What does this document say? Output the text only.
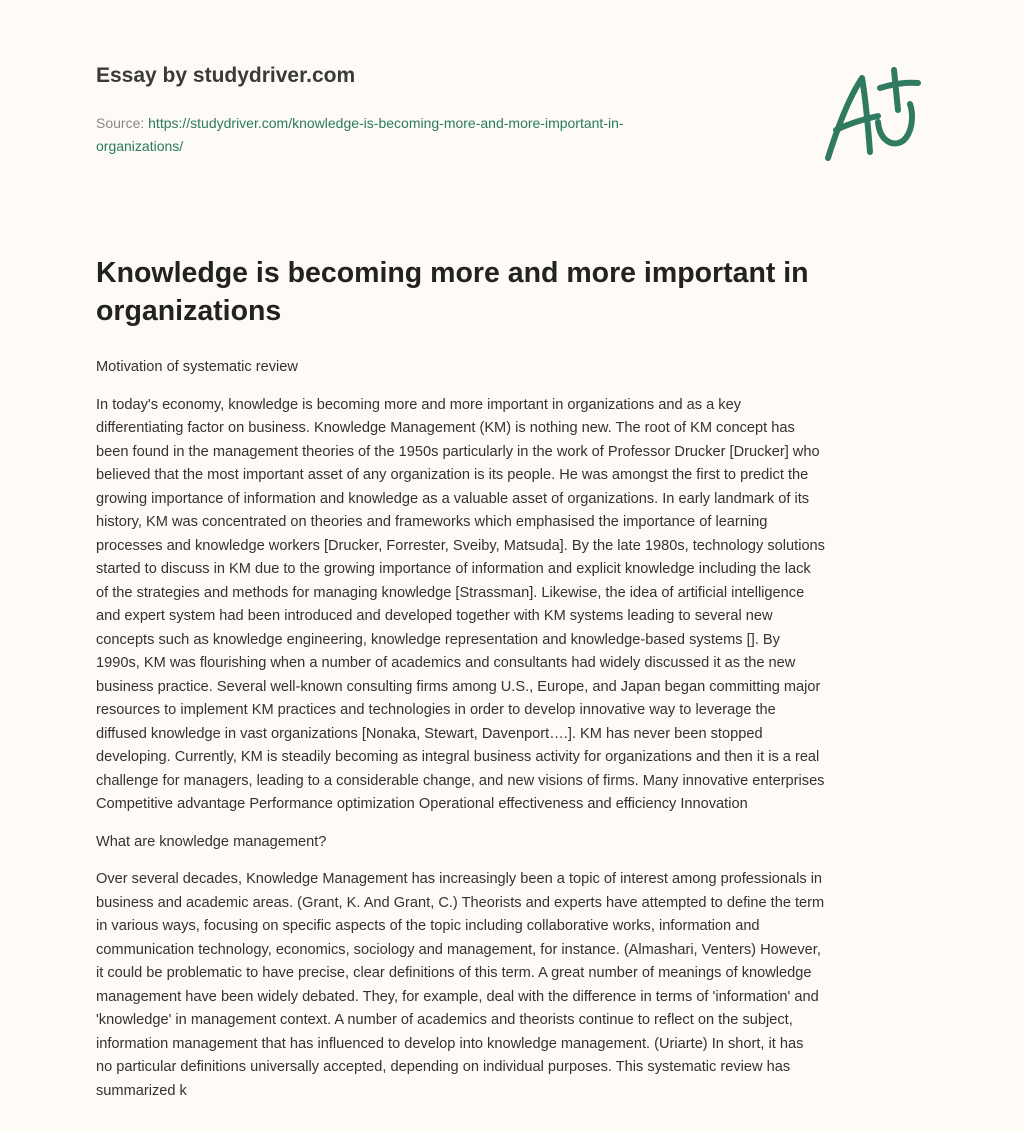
Essay by studydriver.com
Source: https://studydriver.com/knowledge-is-becoming-more-and-more-important-in-
organizations/
Knowledge is becoming more and more important in
organizations

Motivation of systematic review

In today's economy, knowledge is becoming more and more important in organizations and as a key
differentiating factor on business. Knowledge Management (KM) is nothing new. The root of KM concept has
been found in the management theories of the 1950s particularly in the work of Professor Drucker [Drucker] who
believed that the most important asset of any organization is its people. He was amongst the first to predict the
growing importance of information and knowledge as a valuable asset of organizations. In early landmark of its
history, KM was concentrated on theories and frameworks which emphasised the importance of learning
processes and knowledge workers [Drucker, Forrester, Sveiby, Matsuda]. By the late 1980s, technology solutions
started to discuss in KM due to the growing importance of information and explicit knowledge including the lack
of the strategies and methods for managing knowledge [Strassman]. Likewise, the idea of artificial intelligence
and expert system had been introduced and developed together with KM systems leading to several new
concepts such as knowledge engineering, knowledge representation and knowledge-based systems []. By
1990s, KM was flourishing when a number of academics and consultants had widely discussed it as the new
business practice. Several well-known consulting firms among U.S., Europe, and Japan began committing major
resources to implement KM practices and technologies in order to develop innovative way to leverage the
diffused knowledge in vast organizations [Nonaka, Stewart, Davenport….]. KM has never been stopped
developing. Currently, KM is steadily becoming as integral business activity for organizations and then it is a real
challenge for managers, leading to a considerable change, and new visions of firms. Many innovative enterprises
Competitive advantage Performance optimization Operational effectiveness and efficiency Innovation

What are knowledge management?

Over several decades, Knowledge Management has increasingly been a topic of interest among professionals in
business and academic areas. (Grant, K. And Grant, C.) Theorists and experts have attempted to define the term
in various ways, focusing on specific aspects of the topic including collaborative works, information and
communication technology, economics, sociology and management, for instance. (Almashari, Venters) However,
it could be problematic to have precise, clear definitions of this term. A great number of meanings of knowledge
management have been widely debated. They, for example, deal with the difference in terms of 'information' and
'knowledge' in management context. A number of academics and theorists continue to reflect on the subject,
information management that has influenced to develop into knowledge management. (Uriarte) In short, it has
no particular definitions universally accepted, depending on individual purposes. This systematic review has
summarized k
